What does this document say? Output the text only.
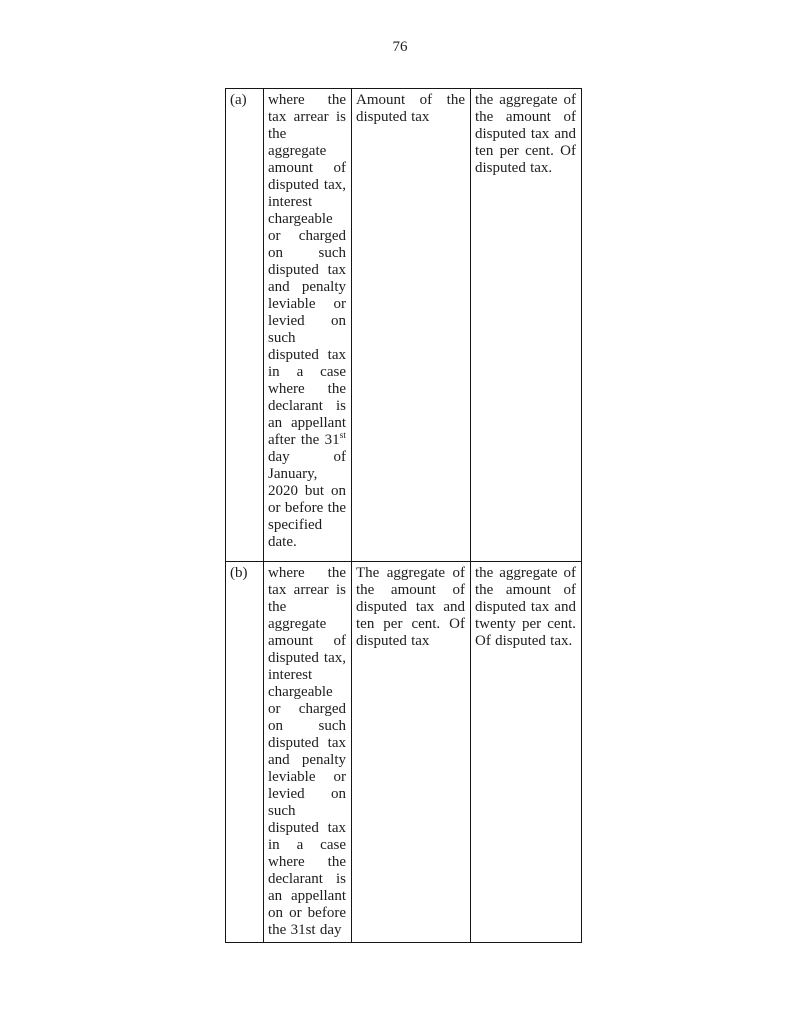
76
(a)	where the tax arrear is the aggregate amount of disputed tax, interest chargeable or charged on such disputed tax and penalty leviable or levied on such disputed tax in a case where the declarant is an appellant after the 31st day of January, 2020 but on or before the specified date.	Amount of the disputed tax	the aggregate of the amount of disputed tax and ten per cent. Of disputed tax.
(b)	where the tax arrear is the aggregate amount of disputed tax, interest chargeable or charged on such disputed tax and penalty leviable or levied on such disputed tax in a case where the declarant is an appellant on or before the 31st day	The aggregate of the amount of disputed tax and ten per cent. Of disputed tax	the aggregate of the amount of disputed tax and twenty per cent. Of disputed tax.
